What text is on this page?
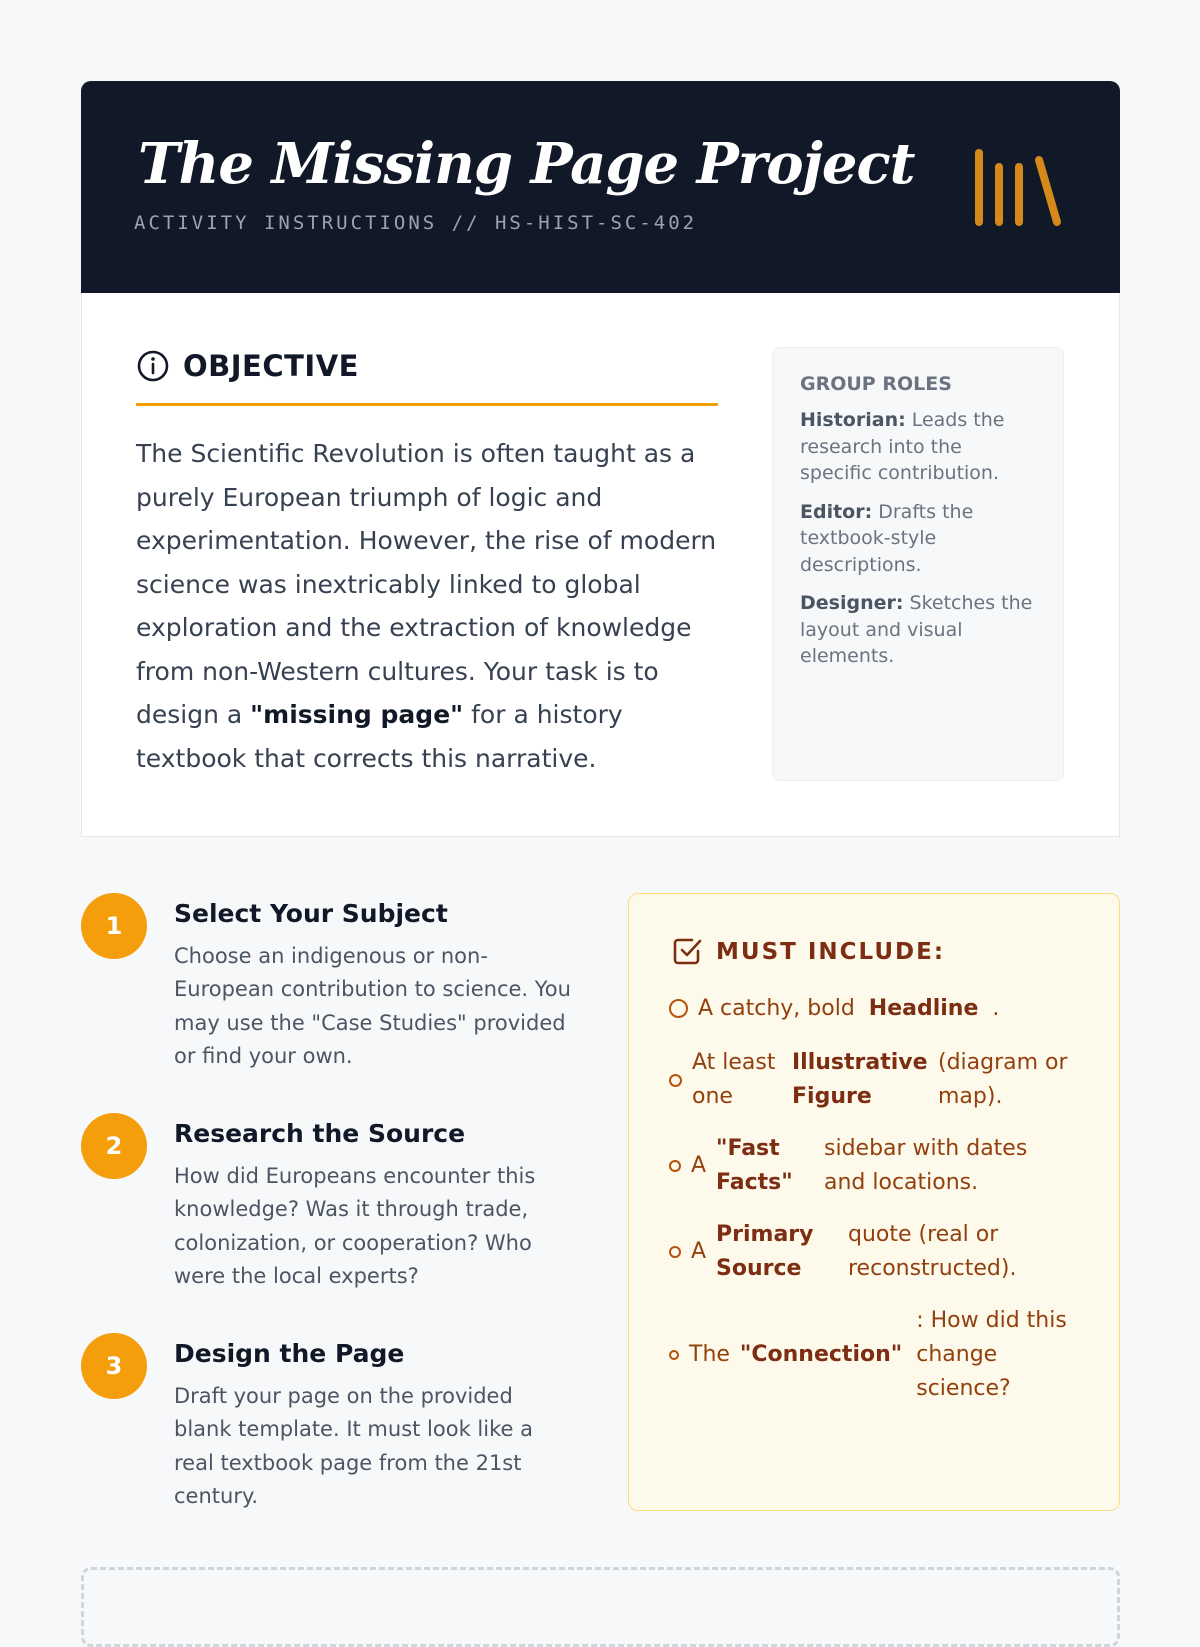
The Missing Page Project
ACTIVITY INSTRUCTIONS // HS-HIST-SC-402
OBJECTIVE
The Scientific Revolution is often taught as a purely European triumph of logic and experimentation. However, the rise of modern science was inextricably linked to global exploration and the extraction of knowledge from non-Western cultures. Your task is to design a "missing page" for a history textbook that corrects this narrative.
GROUP ROLES
Historian: Leads the research into the specific contribution.
Editor: Drafts the textbook-style descriptions.
Designer: Sketches the layout and visual elements.
1	Select Your Subject
Choose an indigenous or non-European contribution to science. You may use the "Case Studies" provided or find your own.
2	Research the Source
How did Europeans encounter this knowledge? Was it through trade, colonization, or cooperation? Who were the local experts?
3	Design the Page
Draft your page on the provided blank template. It must look like a real textbook page from the 21st century.
MUST INCLUDE:
A catchy, bold Headline .
At least one
Illustrative Figure
(diagram or map).
A
"Fast Facts"
sidebar with dates and locations.
A
Primary Source
quote (real or reconstructed).
The "Connection"
: How did this change science?
